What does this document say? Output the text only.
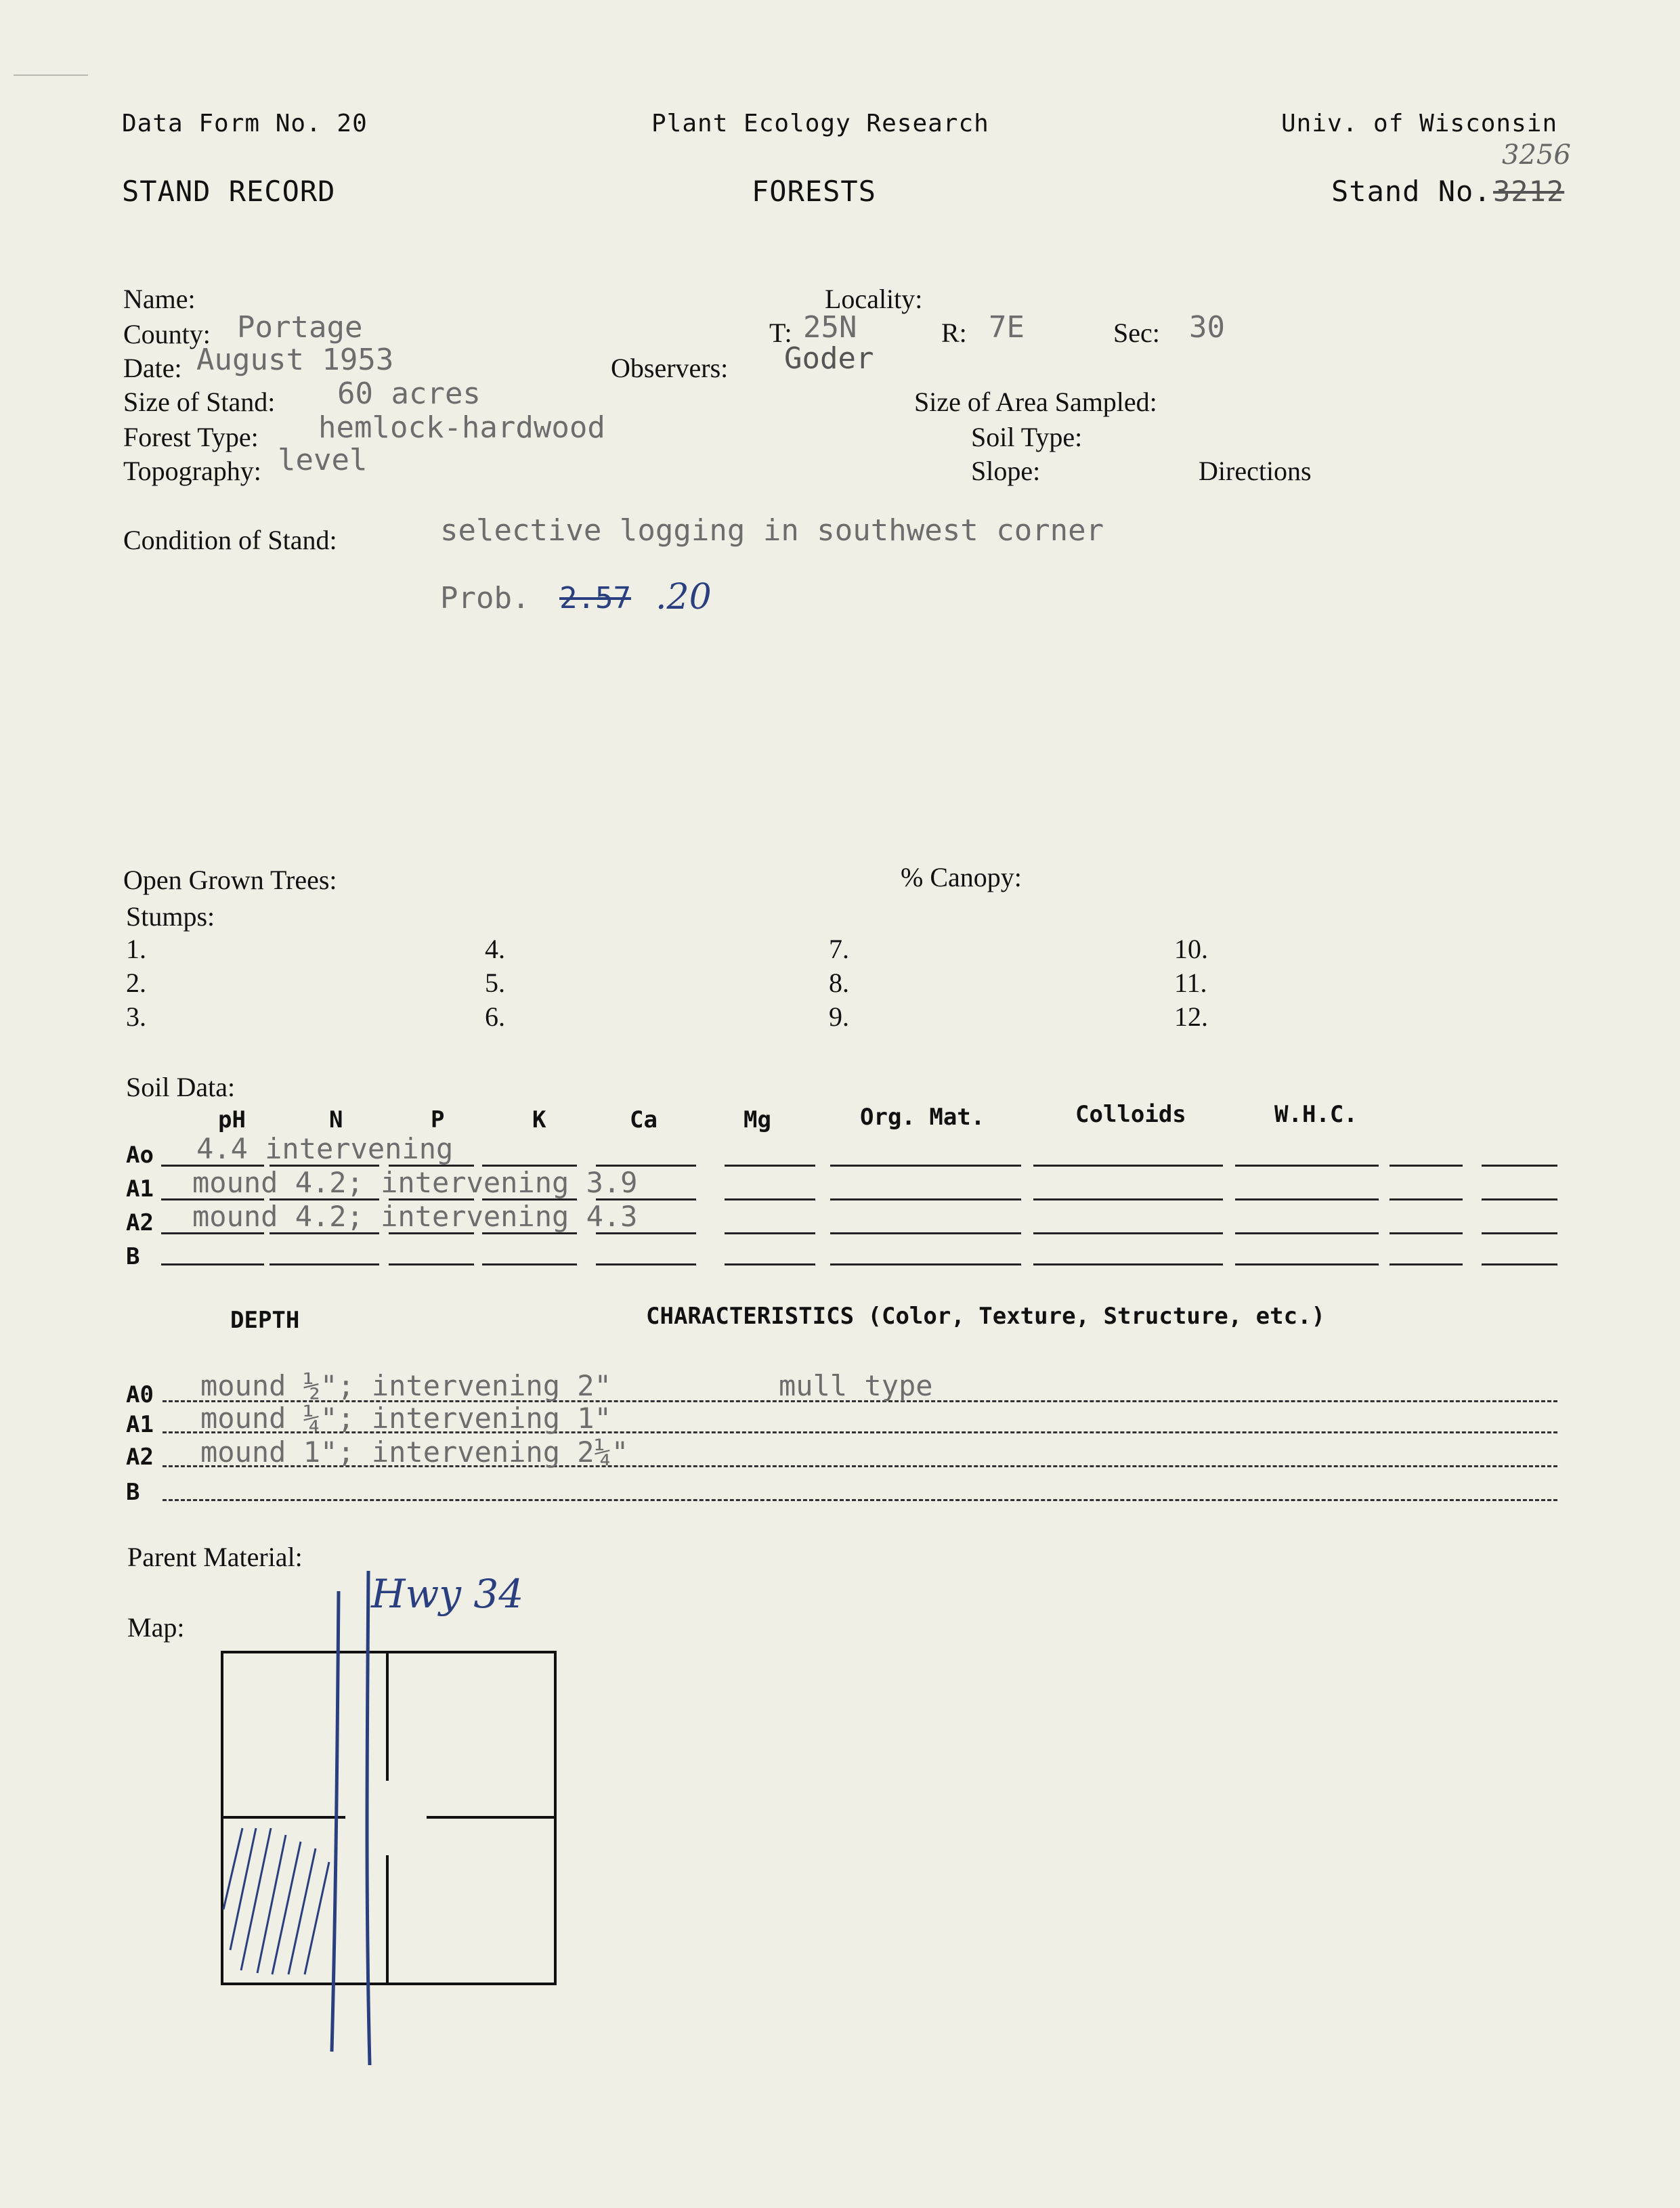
Data Form No. 20	Plant Ecology Research	Univ. of Wisconsin
STAND RECORD	FORESTS	Stand No. 3212
3256
Name:
County: Portage
Date: August 1953
Size of Stand: 60 acres
Forest Type: hemlock-hardwood
Topography: level
Locality:
T: 25N	R: 7E	Sec: 30
Observers: Goder
Size of Area Sampled:
Soil Type:
Slope:	Directions
Condition of Stand:	selective logging in southwest corner
Prob. 2.57 .20
Open Grown Trees:	% Canopy:
Stumps:
1.
2.
3.
4.
5.
6.
7.
8.
9.
10.
11.
12.
Soil Data:
pH	N	P	K	Ca	Mg	Org. Mat.	Colloids	W.H.C.
Ao
A1
A2
B
4.4 intervening
mound 4.2; intervening 3.9
mound 4.2; intervening 4.3
DEPTH	CHARACTERISTICS (Color, Texture, Structure, etc.)
A0
A1
A2
B
mound ½"; intervening 2"	mull type
mound ¼"; intervening 1"
mound 1"; intervening 2¼"
Parent Material:
Map:
Hwy 34
